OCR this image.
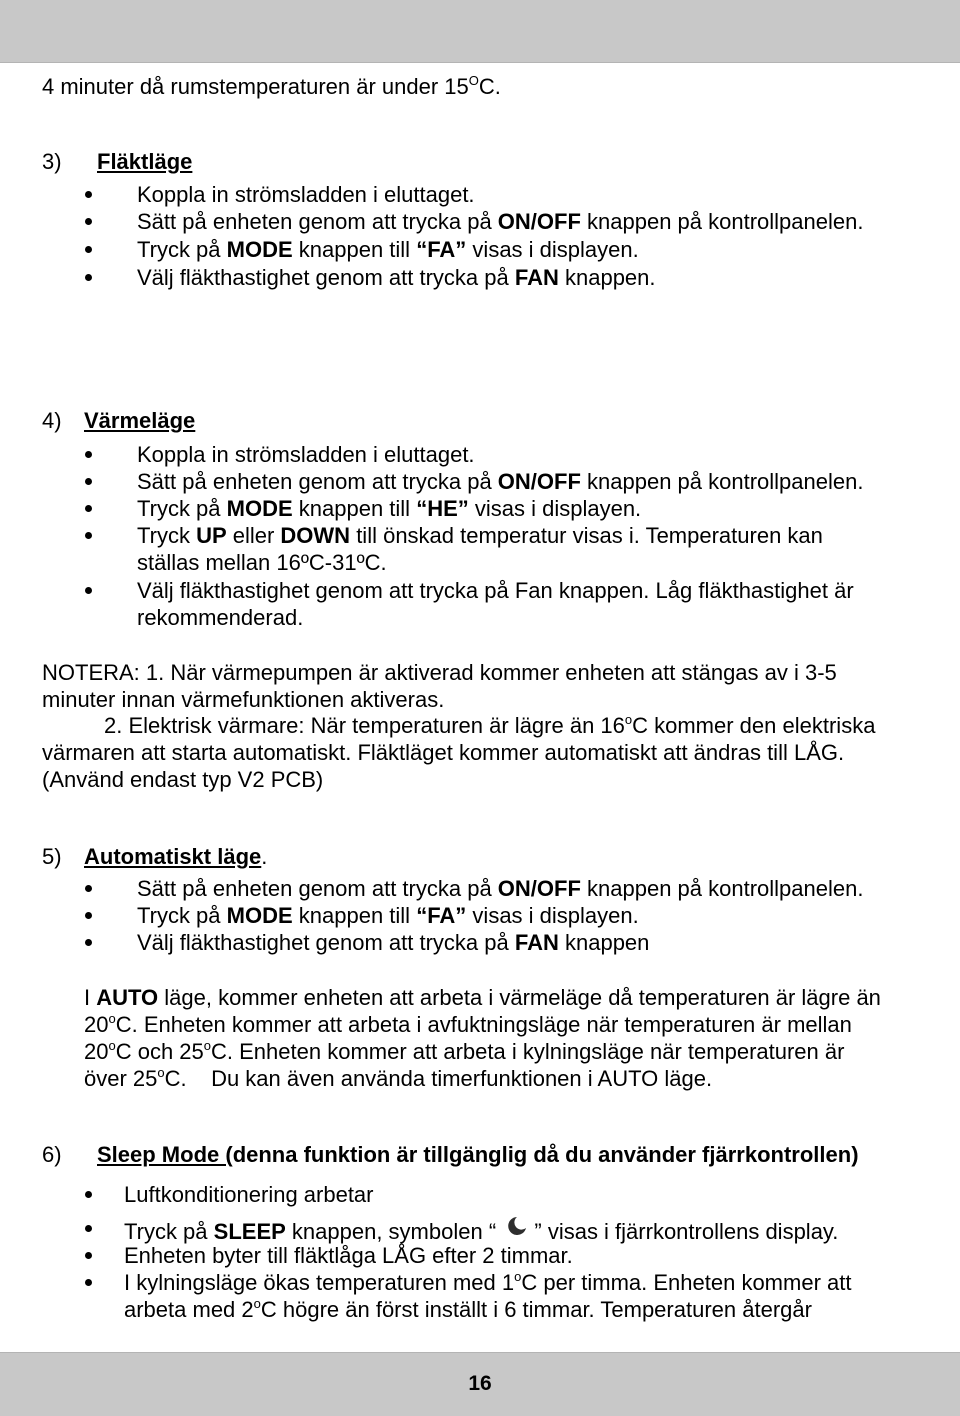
4 minuter då rumstemperaturen är under $15^OC$.
3) Fläktläge
Koppla in strömsladden i eluttaget.
Sätt på enheten genom att trycka på ON/OFF knappen på kontrollpanelen.
Tryck på MODE knappen till “FA” visas i displayen.
Välj fläkthastighet genom att trycka på FAN knappen.
4) Värmeläge
Koppla in strömsladden i eluttaget.
Sätt på enheten genom att trycka på ON/OFF knappen på kontrollpanelen.
Tryck på MODE knappen till “HE” visas i displayen.
Tryck UP eller DOWN till önskad temperatur visas i. Temperaturen kan
ställas mellan 16ºC-31ºC.
Välj fläkthastighet genom att trycka på Fan knappen. Låg fläkthastighet är
rekommenderad.
NOTERA: 1. När värmepumpen är aktiverad kommer enheten att stängas av i 3-5
minuter innan värmefunktionen aktiveras.
2. Elektrisk värmare: När temperaturen är lägre än 16$^o$C kommer den elektriska
värmaren att starta automatiskt. Fläktläget kommer automatiskt att ändras till LÅG.
(Använd endast typ V2 PCB)
5) Automatiskt läge.
Sätt på enheten genom att trycka på ON/OFF knappen på kontrollpanelen.
Tryck på MODE knappen till “FA” visas i displayen.
Välj fläkthastighet genom att trycka på FAN knappen
I AUTO läge, kommer enheten att arbeta i värmeläge då temperaturen är lägre än
20$^o$C. Enheten kommer att arbeta i avfuktningsläge när temperaturen är mellan
20$^o$C och 25$^o$C. Enheten kommer att arbeta i kylningsläge när temperaturen är
över 25$^o$C.    Du kan även använda timerfunktionen i AUTO läge.
6) Sleep Mode (denna funktion är tillgänglig då du använder fjärrkontrollen)
Luftkonditionering arbetar
Tryck på SLEEP knappen, symbolen “  ” visas i fjärrkontrollens display.
Enheten byter till fläktlåga LÅG efter 2 timmar.
I kylningsläge ökas temperaturen med 1$^o$C per timma. Enheten kommer att
arbeta med 2$^o$C högre än först inställt i 6 timmar. Temperaturen återgår
16
